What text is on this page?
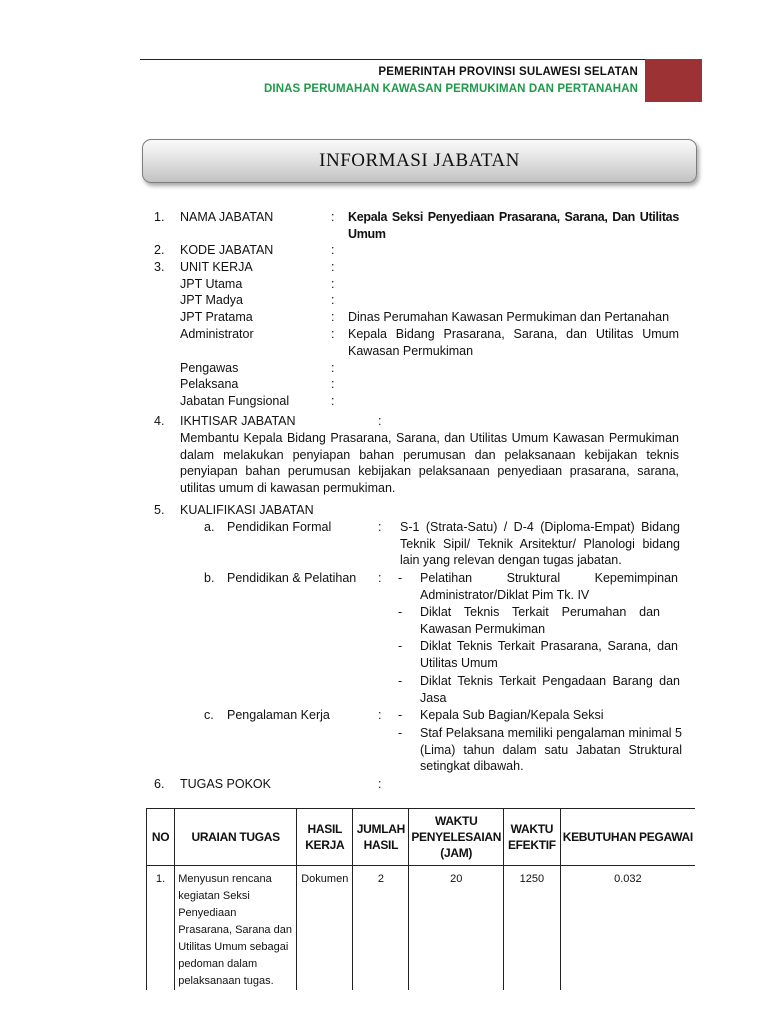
PEMERINTAH PROVINSI SULAWESI SELATAN
DINAS PERUMAHAN KAWASAN PERMUKIMAN DAN PERTANAHAN
INFORMASI JABATAN
1. NAMA JABATAN	: Kepala Seksi Penyediaan Prasarana, Sarana, Dan Utilitas Umum
2. KODE JABATAN	:
3. UNIT KERJA	:
JPT Utama	:
JPT Madya	:
JPT Pratama	: Dinas Perumahan Kawasan Permukiman dan Pertanahan
Administrator	: Kepala Bidang Prasarana, Sarana, dan Utilitas Umum Kawasan Permukiman
Pengawas	:
Pelaksana	:
Jabatan Fungsional	:
4. IKHTISAR JABATAN	:
Membantu Kepala Bidang Prasarana, Sarana, dan Utilitas Umum Kawasan Permukiman dalam melakukan penyiapan bahan perumusan dan pelaksanaan kebijakan teknis penyiapan bahan perumusan kebijakan pelaksanaan penyediaan prasarana, sarana, utilitas umum di kawasan permukiman.
5. KUALIFIKASI JABATAN
a. Pendidikan Formal	: S-1 (Strata-Satu) / D-4 (Diploma-Empat) Bidang Teknik Sipil/ Teknik Arsitektur/ Planologi bidang lain yang relevan dengan tugas jabatan.
b. Pendidikan & Pelatihan : - Pelatihan Struktural Kepemimpinan Administrator/Diklat Pim Tk. IV
- Diklat Teknis Terkait Perumahan dan Kawasan Permukiman
- Diklat Teknis Terkait Prasarana, Sarana, dan Utilitas Umum
- Diklat Teknis Terkait Pengadaan Barang dan Jasa
c. Pengalaman Kerja	: - Kepala Sub Bagian/Kepala Seksi
- Staf Pelaksana memiliki pengalaman minimal 5 (Lima) tahun dalam satu Jabatan Struktural setingkat dibawah.
6. TUGAS POKOK	:
NO	URAIAN TUGAS	HASIL KERJA	JUMLAH HASIL	WAKTU PENYELESAIAN (JAM)	WAKTU EFEKTIF	KEBUTUHAN PEGAWAI
1.	Menyusun rencana kegiatan Seksi Penyediaan Prasarana, Sarana dan Utilitas Umum sebagai pedoman dalam pelaksanaan tugas.	Dokumen	2	20	1250	0.032
